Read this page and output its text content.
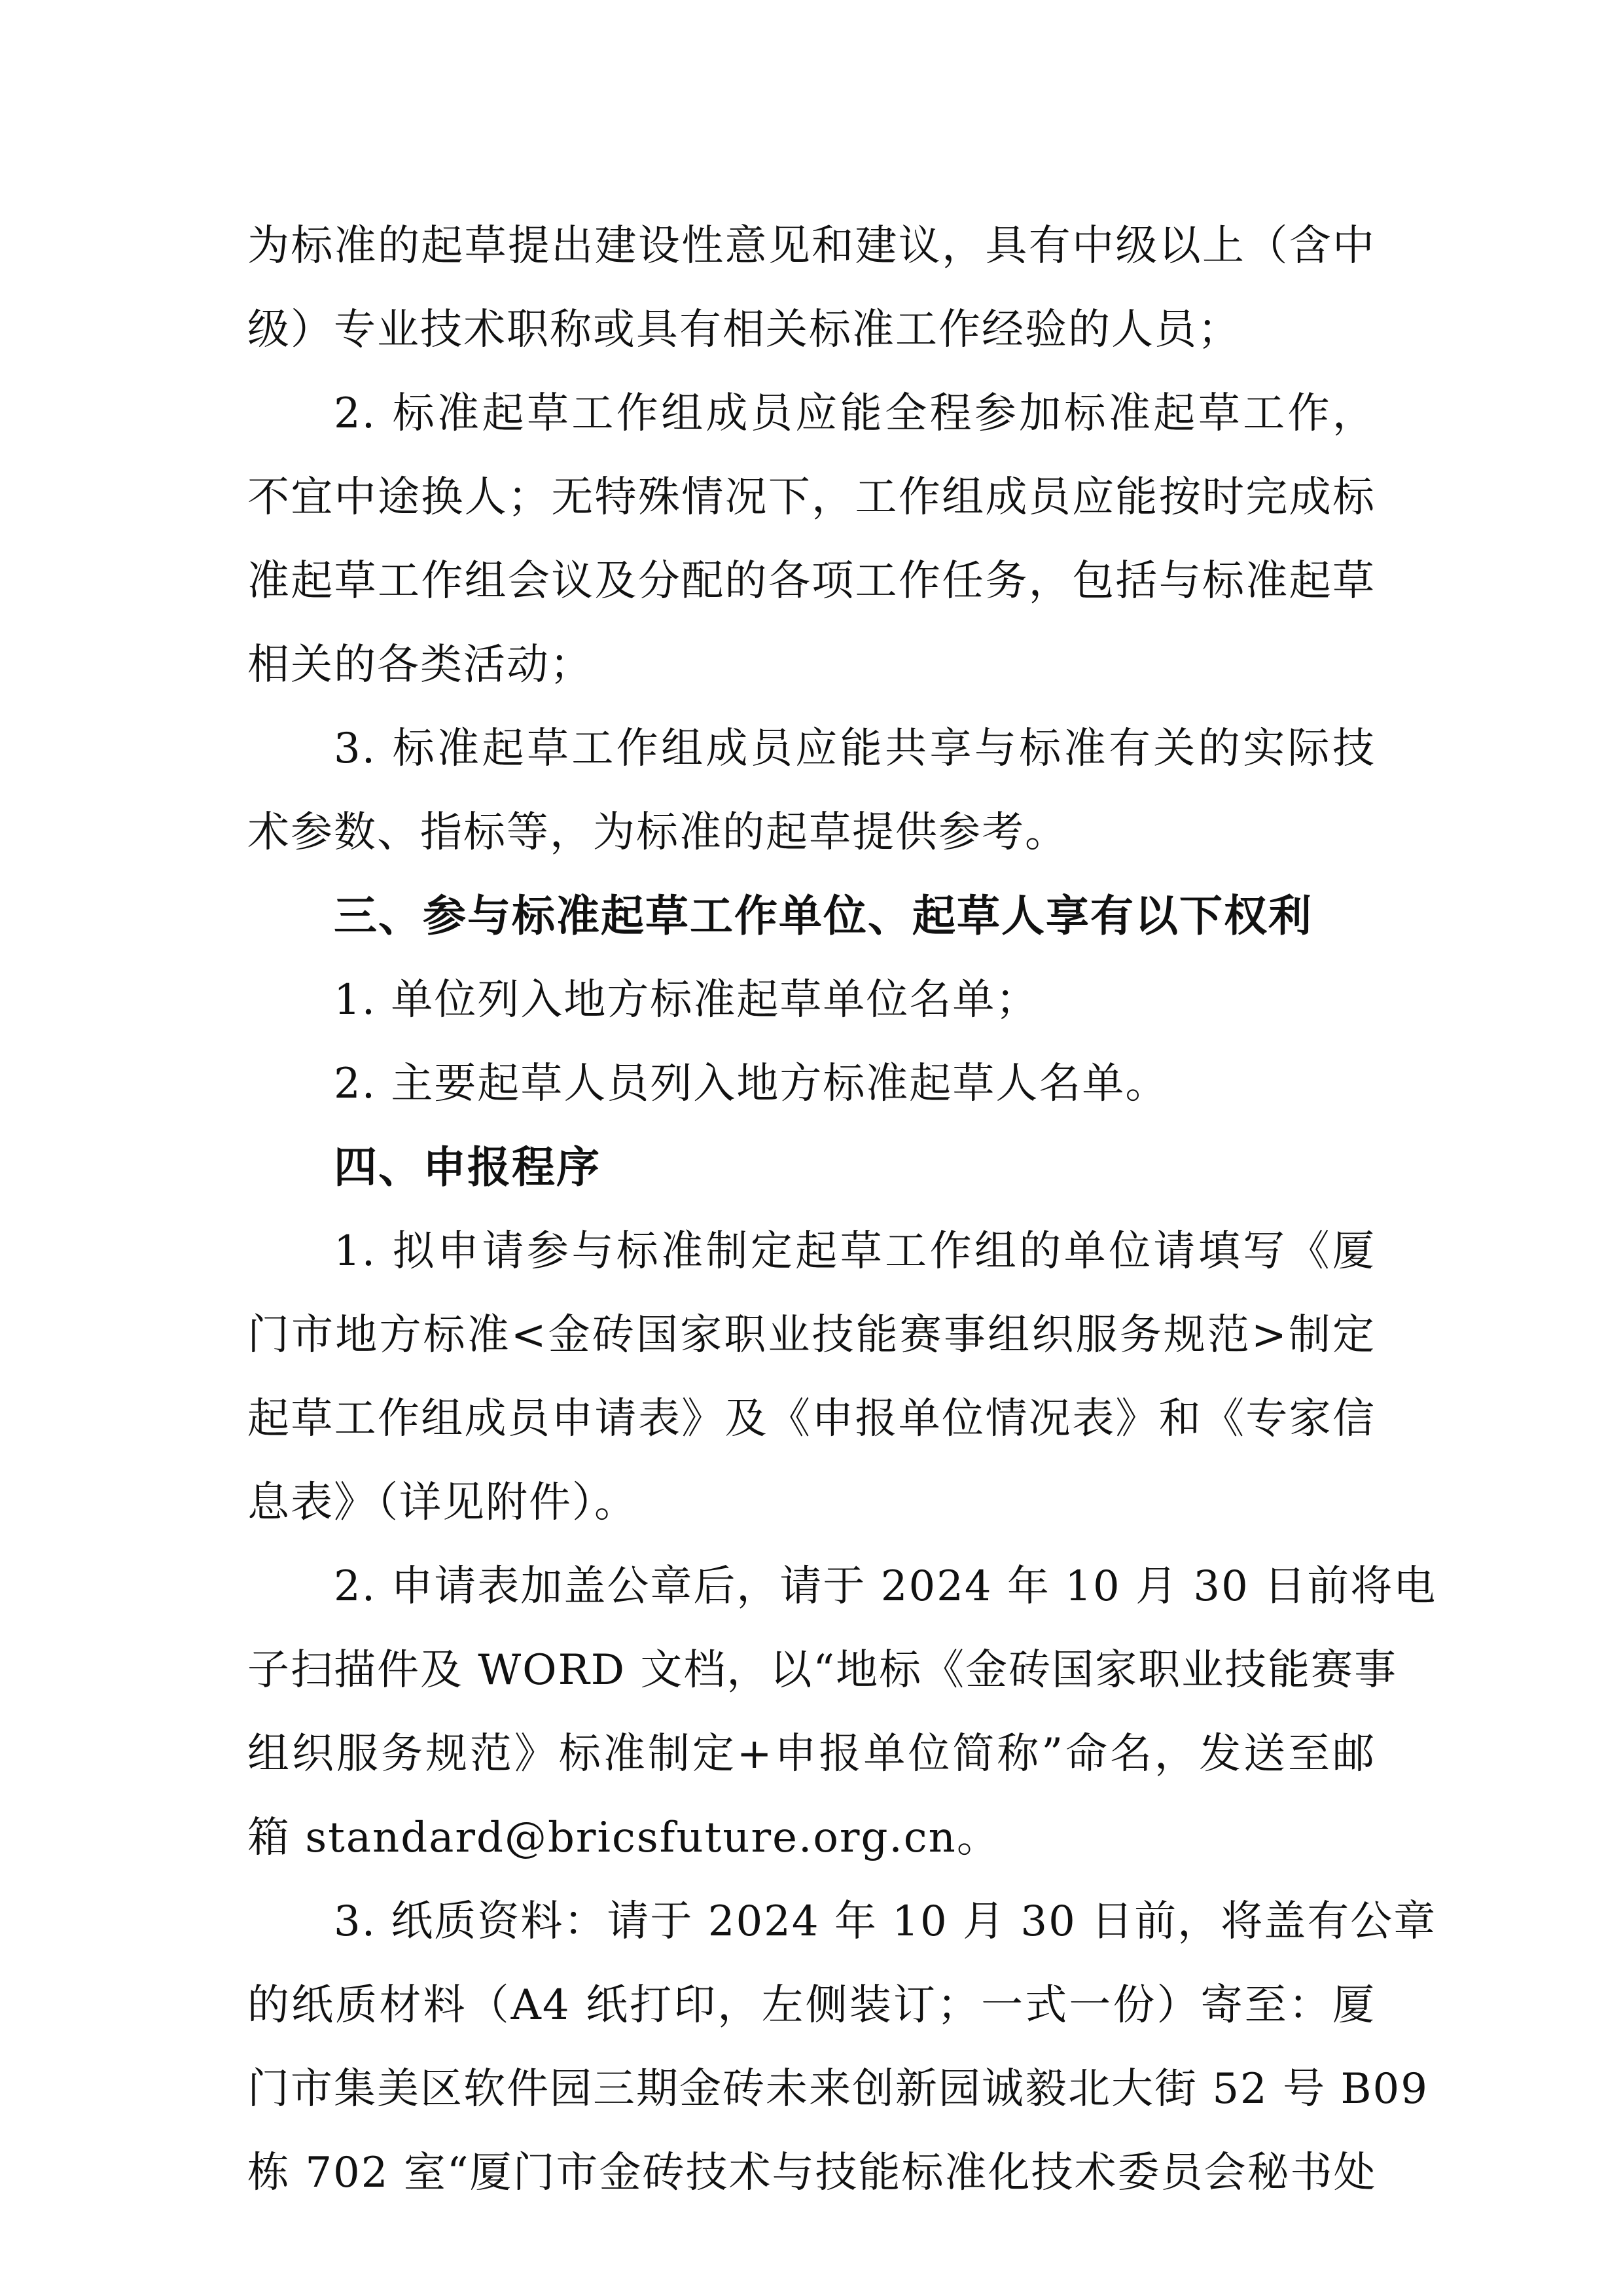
为标准的起草提出建设性意见和建议，具有中级以上（含中
级）专业技术职称或具有相关标准工作经验的人员；
2. 标准起草工作组成员应能全程参加标准起草工作，
不宜中途换人；无特殊情况下，工作组成员应能按时完成标
准起草工作组会议及分配的各项工作任务，包括与标准起草
相关的各类活动；
3. 标准起草工作组成员应能共享与标准有关的实际技
术参数、指标等，为标准的起草提供参考。
三、参与标准起草工作单位、起草人享有以下权利
1. 单位列入地方标准起草单位名单；
2. 主要起草人员列入地方标准起草人名单。
四、申报程序
1. 拟申请参与标准制定起草工作组的单位请填写《厦
门市地方标准<金砖国家职业技能赛事组织服务规范>制定
起草工作组成员申请表》及《申报单位情况表》和《专家信
息表》（详见附件）。
2. 申请表加盖公章后，请于 2024 年 10 月 30 日前将电
子扫描件及 WORD 文档，以“地标《金砖国家职业技能赛事
组织服务规范》标准制定+申报单位简称”命名，发送至邮
箱 standard@bricsfuture.org.cn。
3. 纸质资料：请于 2024 年 10 月 30 日前，将盖有公章
的纸质材料（A4 纸打印，左侧装订；一式一份）寄至：厦
门市集美区软件园三期金砖未来创新园诚毅北大街 52 号 B09
栋 702 室“厦门市金砖技术与技能标准化技术委员会秘书处
